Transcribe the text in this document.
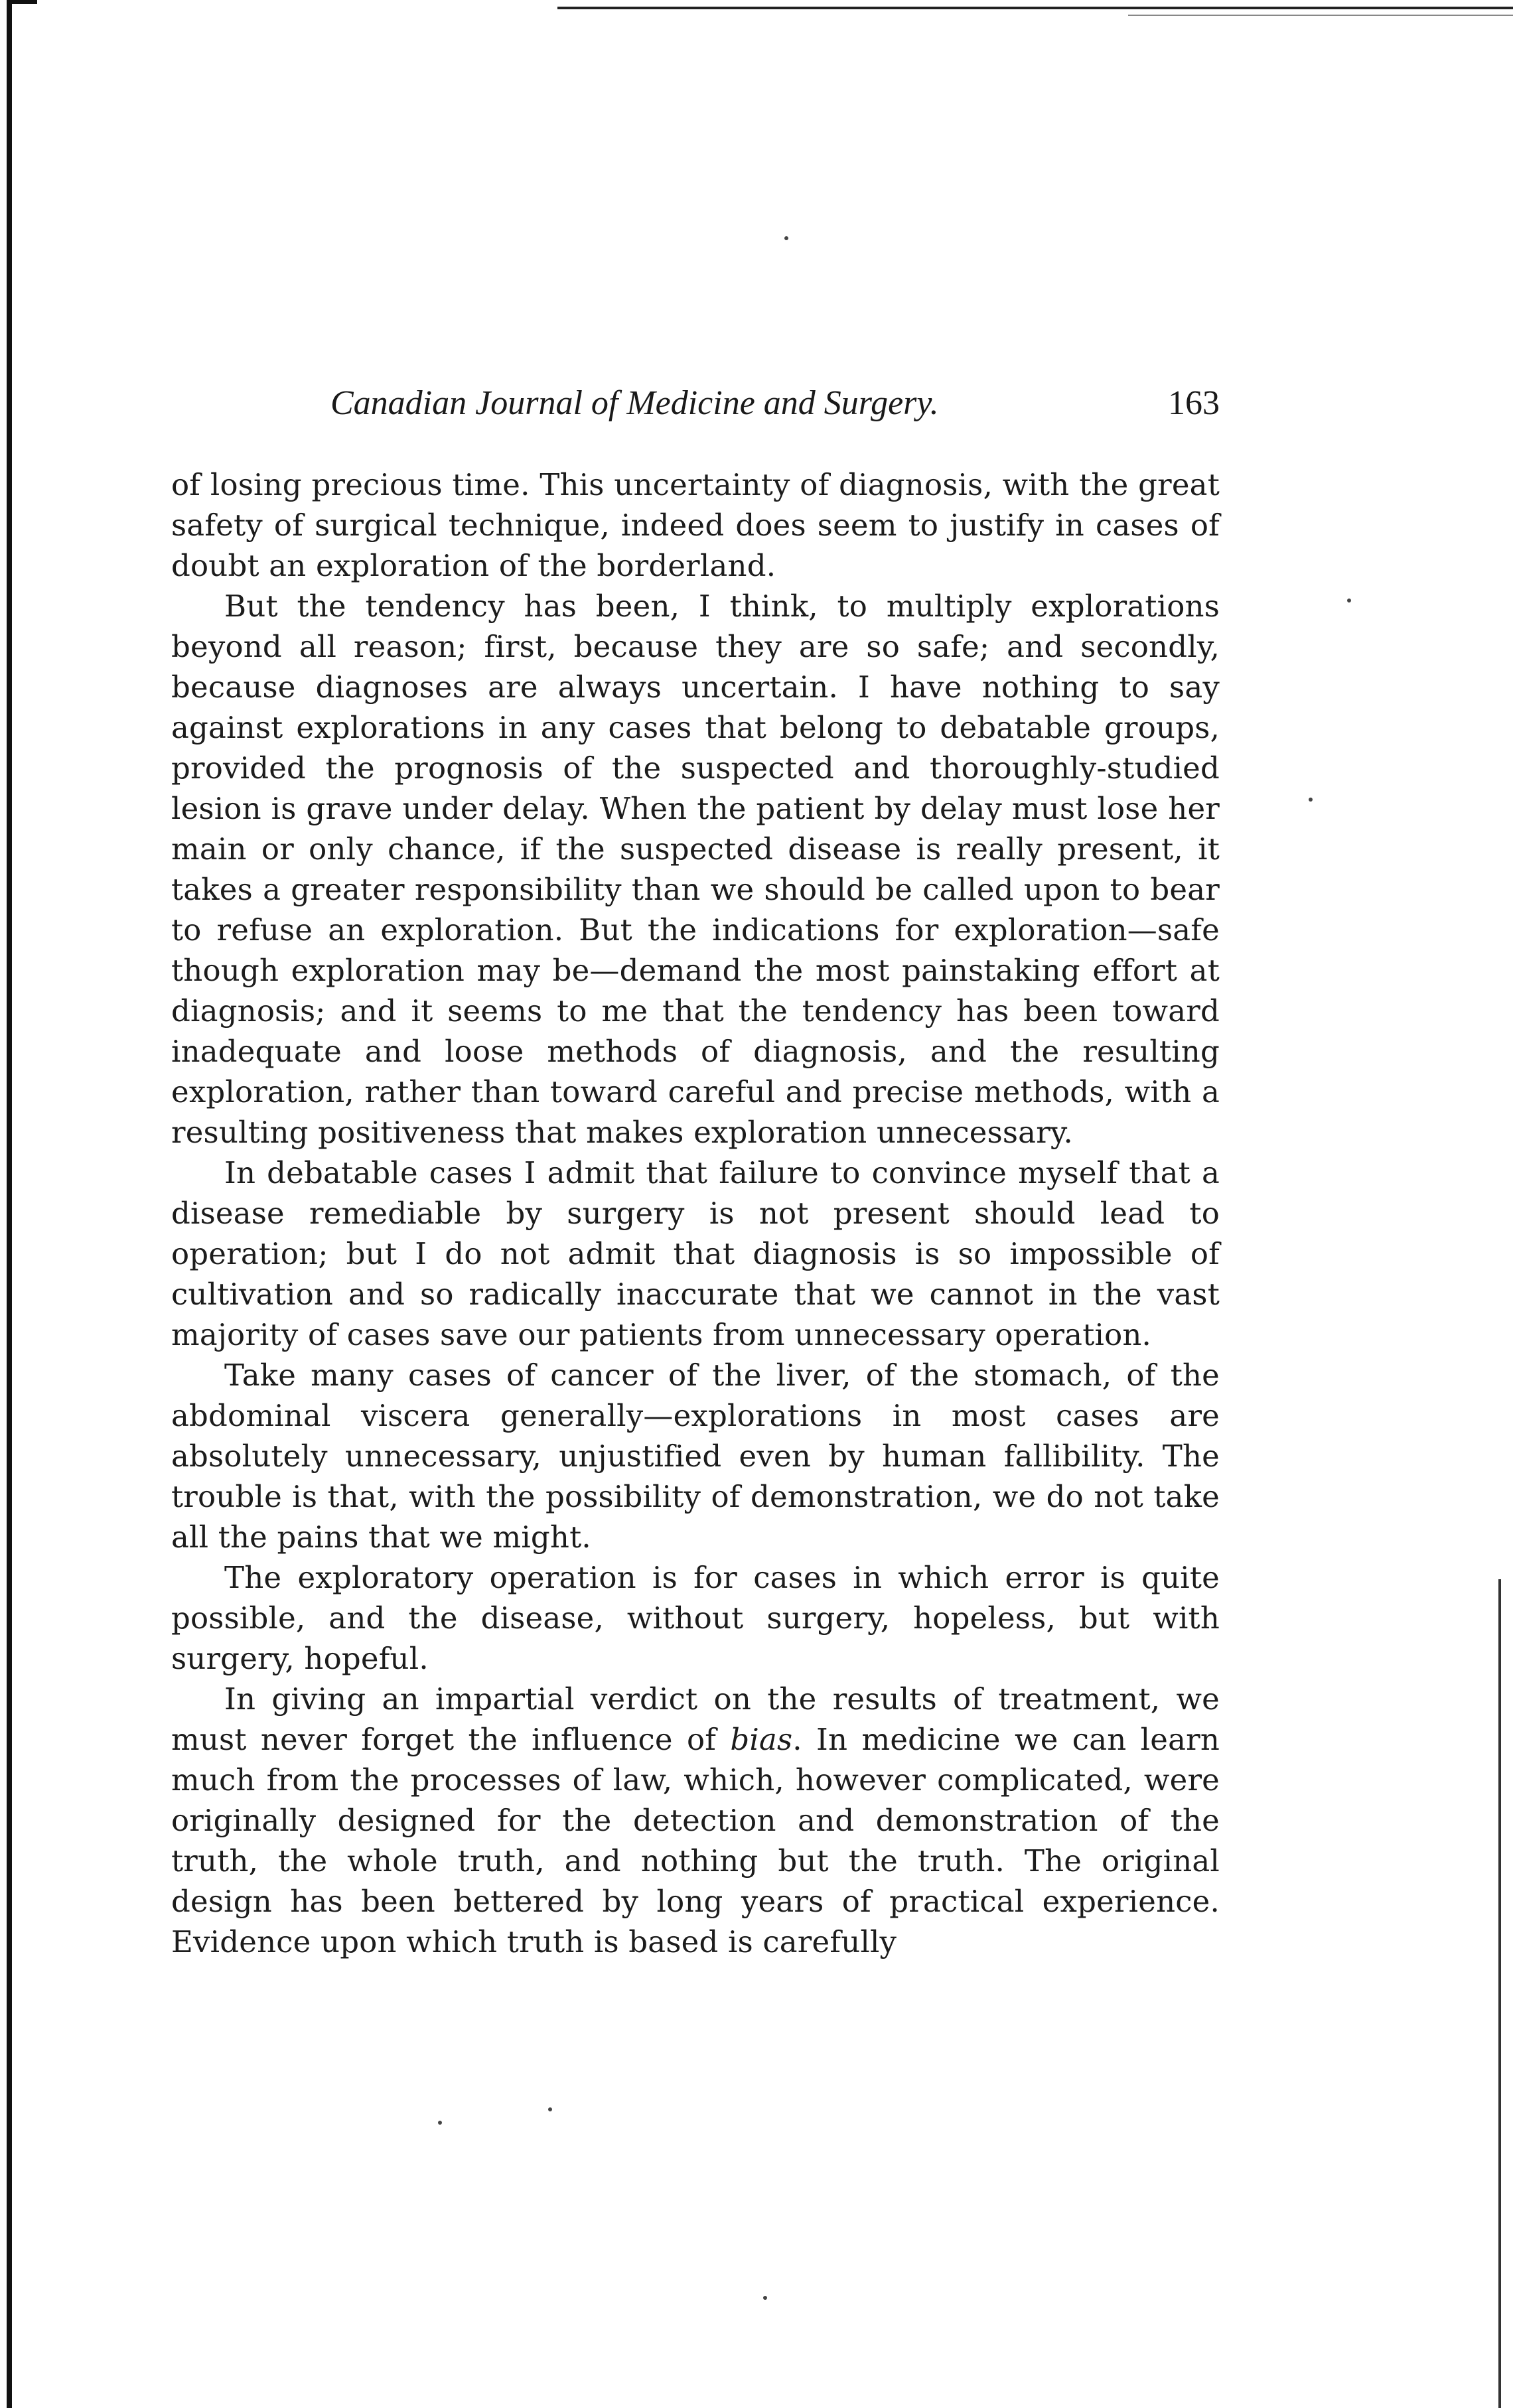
Canadian Journal of Medicine and Surgery.	163

of losing precious time. This uncertainty of diagnosis, with the great safety of surgical technique, indeed does seem to justify in cases of doubt an exploration of the borderland.

But the tendency has been, I think, to multiply explorations beyond all reason; first, because they are so safe; and secondly, because diagnoses are always uncertain. I have nothing to say against explorations in any cases that belong to debatable groups, provided the prognosis of the suspected and thoroughly-studied lesion is grave under delay. When the patient by delay must lose her main or only chance, if the suspected disease is really present, it takes a greater responsibility than we should be called upon to bear to refuse an exploration. But the indications for exploration—safe though exploration may be—demand the most painstaking effort at diagnosis; and it seems to me that the tendency has been toward inadequate and loose methods of diagnosis, and the resulting exploration, rather than toward careful and precise methods, with a resulting positiveness that makes exploration unnecessary.

In debatable cases I admit that failure to convince myself that a disease remediable by surgery is not present should lead to operation; but I do not admit that diagnosis is so impossible of cultivation and so radically inaccurate that we cannot in the vast majority of cases save our patients from unnecessary operation.

Take many cases of cancer of the liver, of the stomach, of the abdominal viscera generally—explorations in most cases are absolutely unnecessary, unjustified even by human fallibility. The trouble is that, with the possibility of demonstration, we do not take all the pains that we might.

The exploratory operation is for cases in which error is quite possible, and the disease, without surgery, hopeless, but with surgery, hopeful.

In giving an impartial verdict on the results of treatment, we must never forget the influence of bias. In medicine we can learn much from the processes of law, which, however complicated, were originally designed for the detection and demonstration of the truth, the whole truth, and nothing but the truth. The original design has been bettered by long years of practical experience. Evidence upon which truth is based is carefully
